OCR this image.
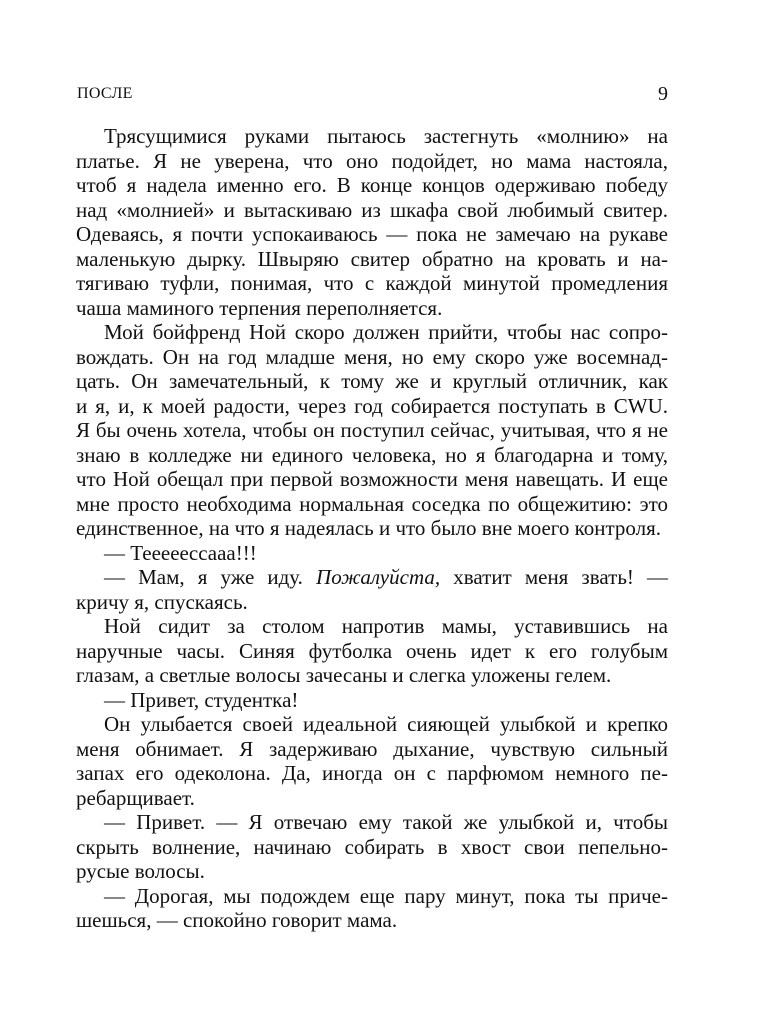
ПОСЛЕ	9
Трясущимися руками пытаюсь застегнуть «молнию» на
платье. Я не уверена, что оно подойдет, но мама настояла,
чтоб я надела именно его. В конце концов одерживаю победу
над «молнией» и вытаскиваю из шкафа свой любимый свитер.
Одеваясь, я почти успокаиваюсь — пока не замечаю на рукаве
маленькую дырку. Швыряю свитер обратно на кровать и на-
тягиваю туфли, понимая, что с каждой минутой промедления
чаша маминого терпения переполняется.
Мой бойфренд Ной скоро должен прийти, чтобы нас сопро-
вождать. Он на год младше меня, но ему скоро уже восемнад-
цать. Он замечательный, к тому же и круглый отличник, как
и я, и, к моей радости, через год собирается поступать в CWU.
Я бы очень хотела, чтобы он поступил сейчас, учитывая, что я не
знаю в колледже ни единого человека, но я благодарна и тому,
что Ной обещал при первой возможности меня навещать. И еще
мне просто необходима нормальная соседка по общежитию: это
единственное, на что я надеялась и что было вне моего контроля.
— Тееееecсааа!!!
— Мам, я уже иду. Пожалуйста, хватит меня звать! —
кричу я, спускаясь.
Ной сидит за столом напротив мамы, уставившись на
наручные часы. Синяя футболка очень идет к его голубым
глазам, а светлые волосы зачесаны и слегка уложены гелем.
— Привет, студентка!
Он улыбается своей идеальной сияющей улыбкой и крепко
меня обнимает. Я задерживаю дыхание, чувствую сильный
запах его одеколона. Да, иногда он с парфюмом немного пе-
ребарщивает.
— Привет. — Я отвечаю ему такой же улыбкой и, чтобы
скрыть волнение, начинаю собирать в хвост свои пепельно-
русые волосы.
— Дорогая, мы подождем еще пару минут, пока ты приче-
шешься, — спокойно говорит мама.
